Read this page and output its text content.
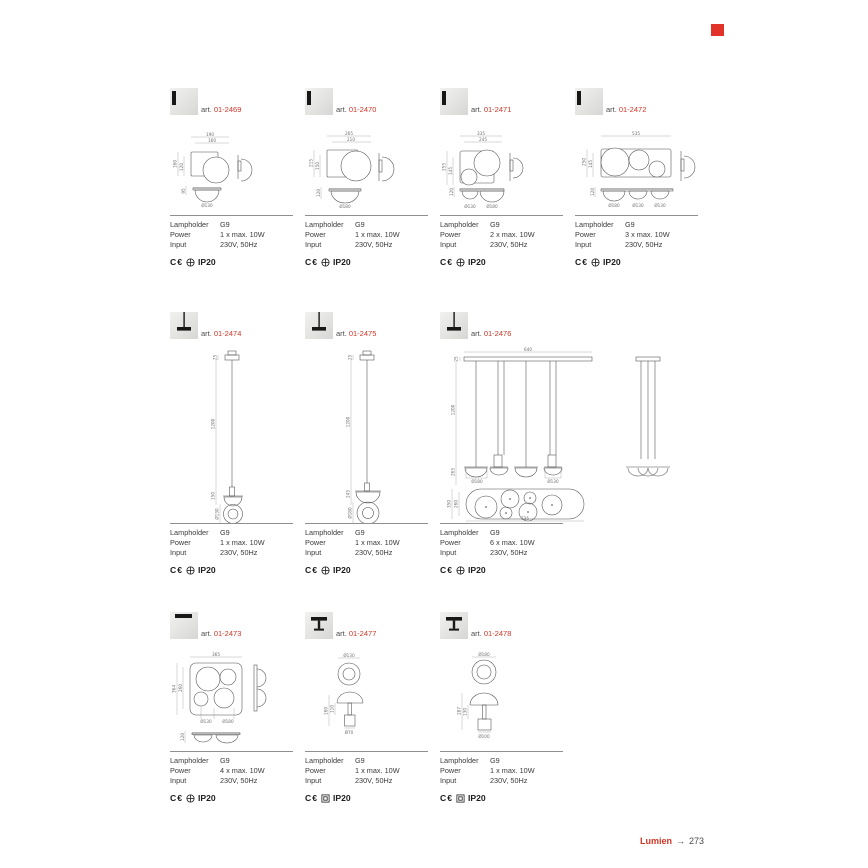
art. 01-2469
190
160
160 120
95
Ø130
Lampholder	G9
Power	1 x max. 10W
Input	230V, 50Hz
C€ IP20
art. 01-2470
265
210
215 150
120
Ø180
Lampholder	G9
Power	1 x max. 10W
Input	230V, 50Hz
C€ IP20
art. 01-2471
335
245
255 145
120
Ø130	Ø180
Lampholder	G9
Power	2 x max. 10W
Input	230V, 50Hz
C€ IP20
art. 01-2472
535
250 145
120
Ø180	Ø130	Ø130
Lampholder	G9
Power	3 x max. 10W
Input	230V, 50Hz
C€ IP20
art. 01-2474
25
1200
150
Ø130
Lampholder	G9
Power	1 x max. 10W
Input	230V, 50Hz
C€ IP20
art. 01-2475
25
1200
245
Ø180
Lampholder	G9
Power	1 x max. 10W
Input	230V, 50Hz
C€ IP20
art. 01-2476
640
25
1200
265
Ø180	Ø130
350 260
735
Lampholder	G9
Power	6 x max. 10W
Input	230V, 50Hz
C€ IP20
art. 01-2473
365
364 260
Ø130	Ø180
120
Lampholder	G9
Power	4 x max. 10W
Input	230V, 50Hz
C€ IP20
art. 01-2477
Ø130
160 110
Ø70
Lampholder	G9
Power	1 x max. 10W
Input	230V, 50Hz
C€ IP20
art. 01-2478
Ø180
287 130
Ø100
Lampholder	G9
Power	1 x max. 10W
Input	230V, 50Hz
C€ IP20
Lumien → 273
